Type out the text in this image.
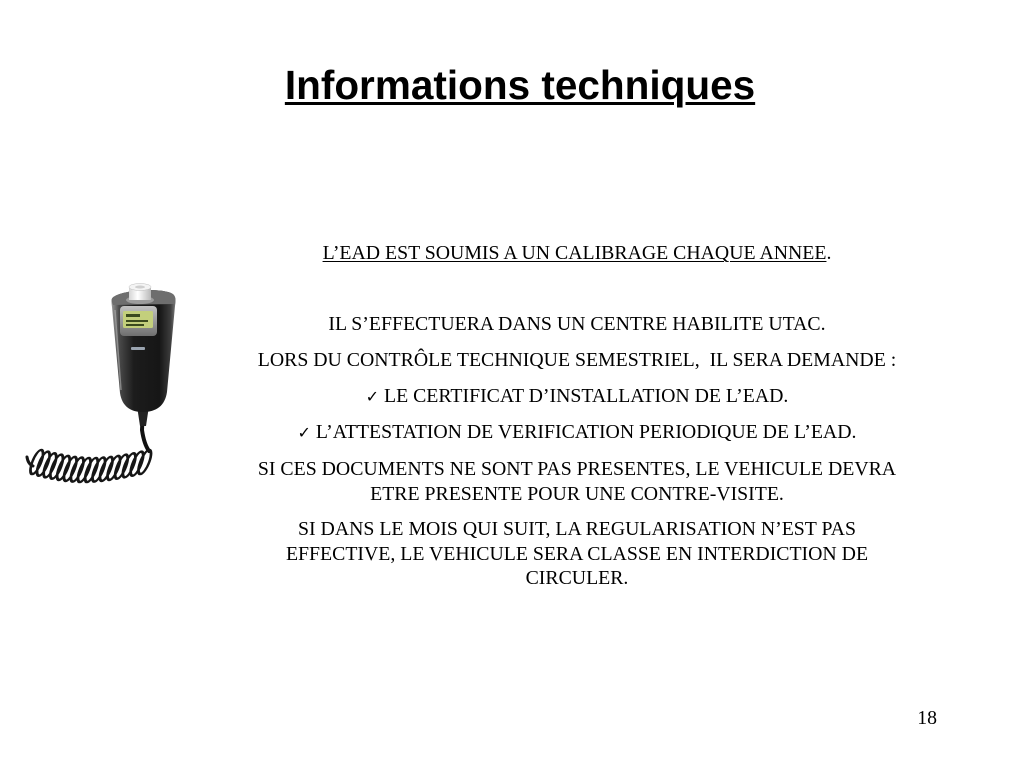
Informations techniques

L’EAD EST SOUMIS A UN CALIBRAGE CHAQUE ANNEE.

IL S’EFFECTUERA DANS UN CENTRE HABILITE UTAC.

LORS DU CONTRÔLE TECHNIQUE SEMESTRIEL,  IL SERA DEMANDE :

✓ LE CERTIFICAT D’INSTALLATION DE L’EAD.

✓ L’ATTESTATION DE VERIFICATION PERIODIQUE DE L’EAD.

SI CES DOCUMENTS NE SONT PAS PRESENTES, LE VEHICULE DEVRA ETRE PRESENTE POUR UNE CONTRE-VISITE.

SI DANS LE MOIS QUI SUIT, LA REGULARISATION N’EST PAS EFFECTIVE, LE VEHICULE SERA CLASSE EN INTERDICTION DE CIRCULER.

18
